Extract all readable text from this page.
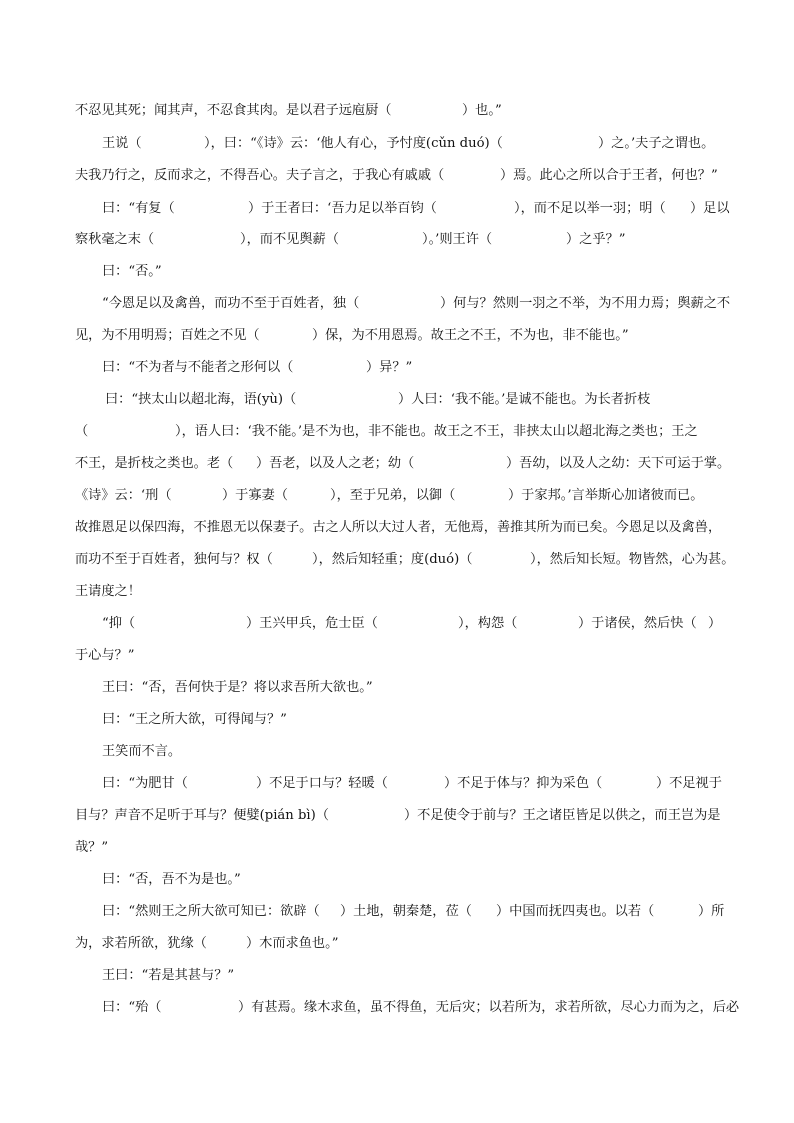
不忍见其死；闻其声，不忍食其肉。是以君子远庖厨（	）也。”
王说（	），曰：“《诗》云：‘他人有心，予忖度(cǔn duó)（	）之。’夫子之谓也。
夫我乃行之，反而求之，不得吾心。夫子言之，于我心有戚戚（	）焉。此心之所以合于王者，何也？”
曰：“有复（	）于王者曰：‘吾力足以举百钧（	），而不足以举一羽；明（ ）足以
察秋毫之末（	），而不见舆薪（	）。’则王许（	）之乎？”
曰：“否。”
“今恩足以及禽兽，而功不至于百姓者，独（	）何与？然则一羽之不举，为不用力焉；舆薪之不
见，为不用明焉；百姓之不见（	）保，为不用恩焉。故王之不王，不为也，非不能也。”
曰：“不为者与不能者之形何以（	）异？”
曰：“挟太山以超北海，语(yù)（	）人曰：‘我不能。’是诚不能也。为长者折枝
（	），语人曰：‘我不能。’是不为也，非不能也。故王之不王，非挟太山以超北海之类也；王之
不王，是折枝之类也。老（ ）吾老，以及人之老；幼（	）吾幼，以及人之幼：天下可运于掌。
《诗》云：‘刑（	）于寡妻（	），至于兄弟，以御（	）于家邦。’言举斯心加诸彼而已。
故推恩足以保四海，不推恩无以保妻子。古之人所以大过人者，无他焉，善推其所为而已矣。今恩足以及禽兽，
而功不至于百姓者，独何与？权（	），然后知轻重；度(duó)（	），然后知长短。物皆然，心为甚。
王请度之！
“抑（	）王兴甲兵，危士臣（	），构怨（	）于诸侯，然后快（ ）
于心与？”
王曰：“否，吾何快于是？将以求吾所大欲也。”
曰：“王之所大欲，可得闻与？”
王笑而不言。
曰：“为肥甘（	）不足于口与？轻暖（	）不足于体与？抑为采色（	）不足视于
目与？声音不足听于耳与？便嬖(pián bì)（	）不足使令于前与？王之诸臣皆足以供之，而王岂为是
哉？”
曰：“否，吾不为是也。”
曰：“然则王之所大欲可知已：欲辟（ ）土地，朝秦楚，莅（ ）中国而抚四夷也。以若（	）所
为，求若所欲，犹缘（	）木而求鱼也。”
王曰：“若是其甚与？”
曰：“殆（	）有甚焉。缘木求鱼，虽不得鱼，无后灾；以若所为，求若所欲，尽心力而为之，后必
